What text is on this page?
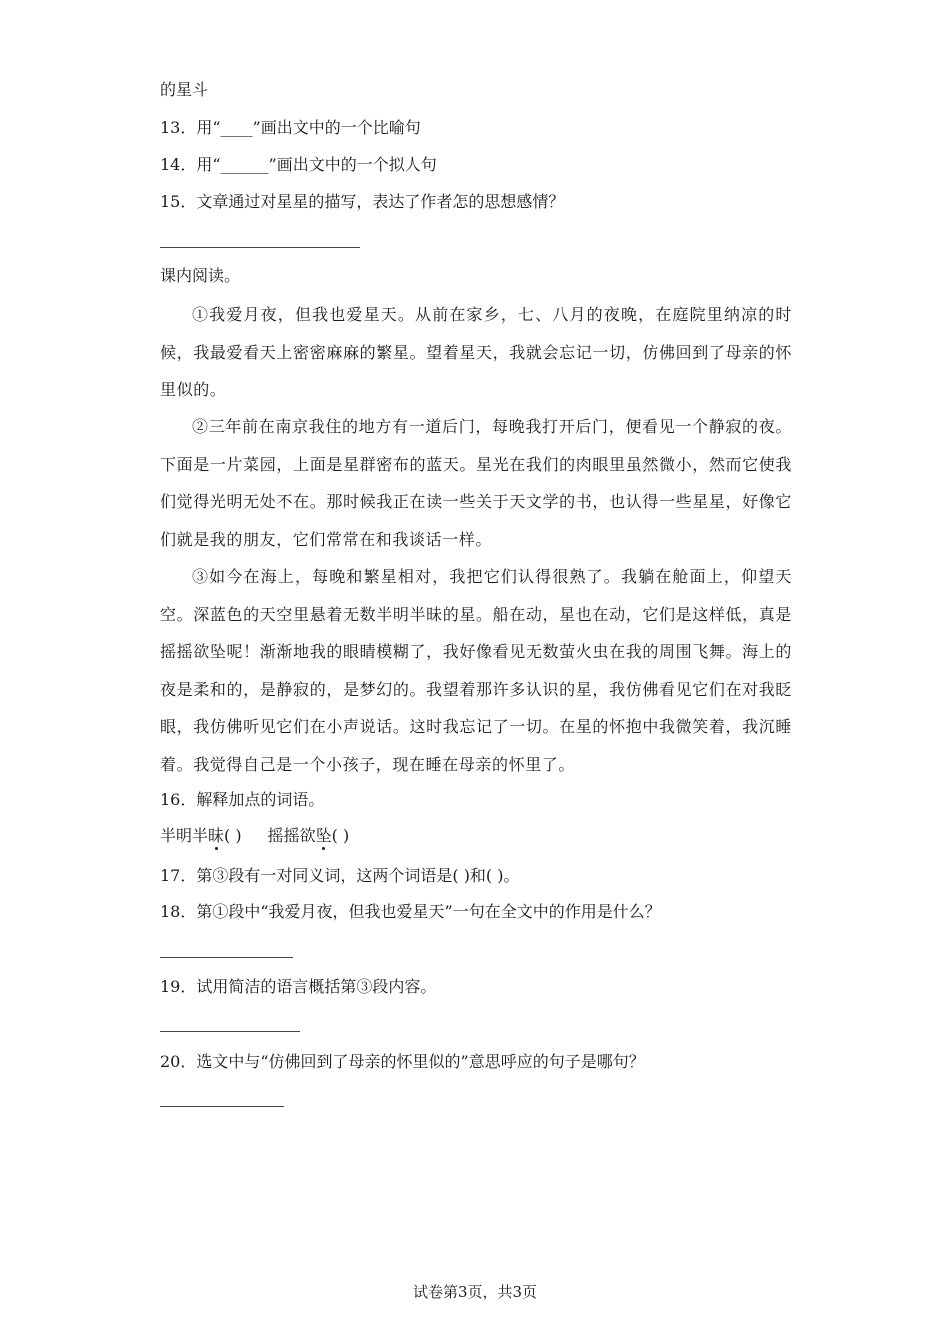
的星斗
13．用“____”画出文中的一个比喻句
14．用“______”画出文中的一个拟人句
15．文章通过对星星的描写，表达了作者怎的思想感情？
课内阅读。
①我爱月夜，但我也爱星天。从前在家乡，七、八月的夜晚，在庭院里纳凉的时候，我最爱看天上密密麻麻的繁星。望着星天，我就会忘记一切，仿佛回到了母亲的怀里似的。
②三年前在南京我住的地方有一道后门，每晚我打开后门，便看见一个静寂的夜。下面是一片菜园，上面是星群密布的蓝天。星光在我们的肉眼里虽然微小，然而它使我们觉得光明无处不在。那时候我正在读一些关于天文学的书，也认得一些星星，好像它们就是我的朋友，它们常常在和我谈话一样。
③如今在海上，每晚和繁星相对，我把它们认得很熟了。我躺在舱面上，仰望天空。深蓝色的天空里悬着无数半明半昧的星。船在动，星也在动，它们是这样低，真是摇摇欲坠呢！渐渐地我的眼睛模糊了，我好像看见无数萤火虫在我的周围飞舞。海上的夜是柔和的，是静寂的，是梦幻的。我望着那许多认识的星，我仿佛看见它们在对我眨眼，我仿佛听见它们在小声说话。这时我忘记了一切。在星的怀抱中我微笑着，我沉睡着。我觉得自己是一个小孩子，现在睡在母亲的怀里了。
16．解释加点的词语。
半明半昧( ) 摇摇欲坠( )
17．第③段有一对同义词，这两个词语是( )和( )。
18．第①段中“我爱月夜，但我也爱星天”一句在全文中的作用是什么？
19．试用简洁的语言概括第③段内容。
20．选文中与“仿佛回到了母亲的怀里似的”意思呼应的句子是哪句？
试卷第3页，共3页
